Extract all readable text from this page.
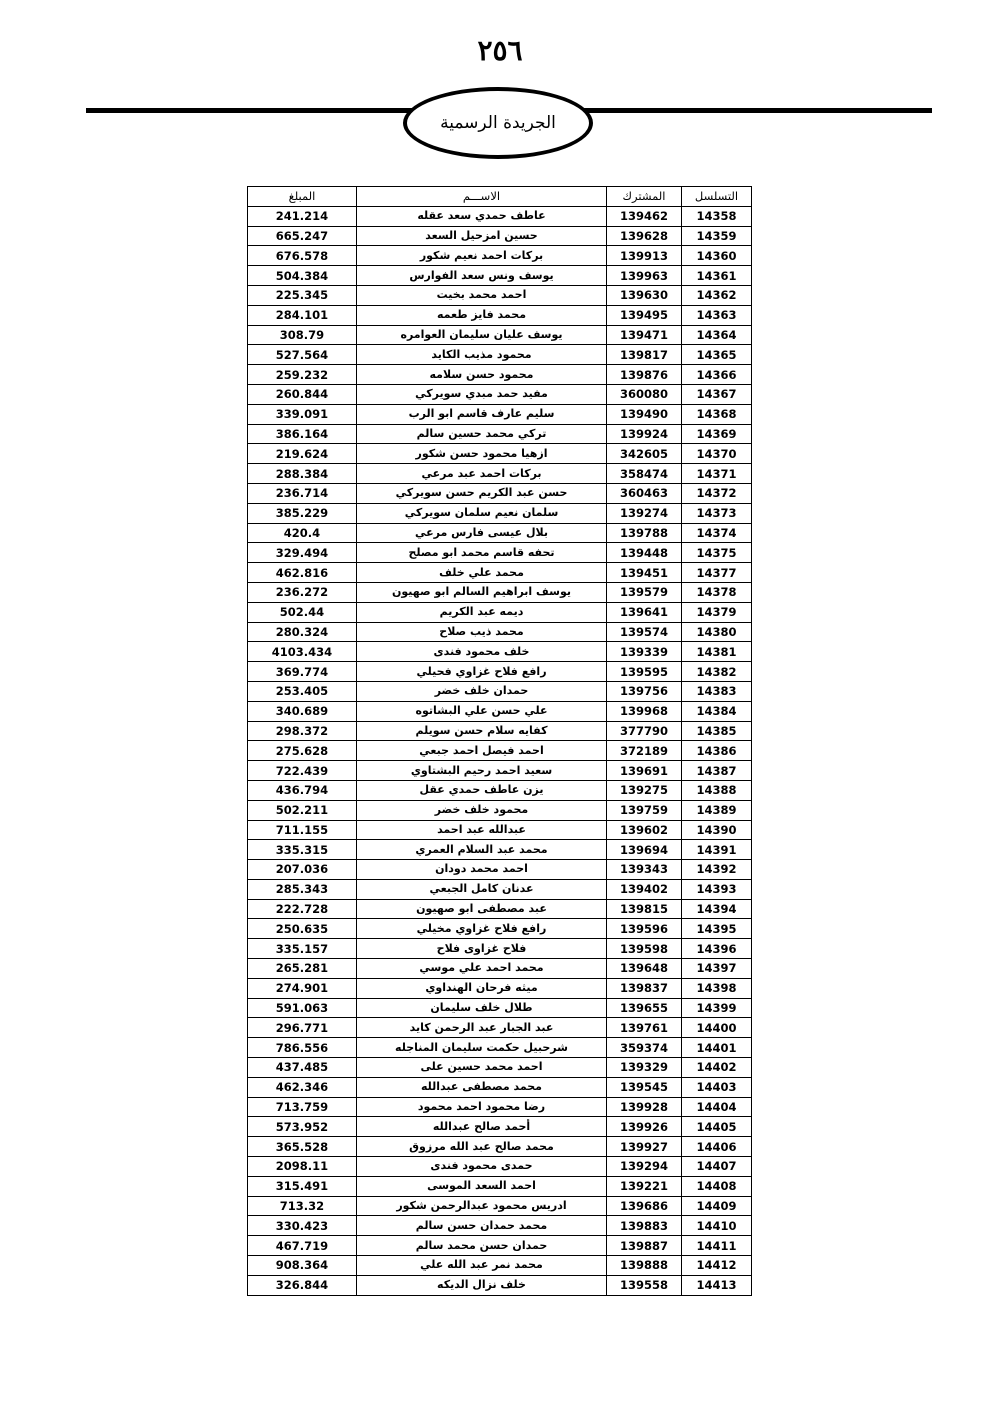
٢٥٦
الجريدة الرسمية
التسلسل	المشترك	الاســـم	المبلغ
14358	139462	عاطف حمدي سعد عقله	241.214
14359	139628	حسين امزحيل السعد	665.247
14360	139913	بركات احمد نعيم شكور	676.578
14361	139963	يوسف ونس سعد الفوارس	504.384
14362	139630	احمد محمد بخيت	225.345
14363	139495	محمد فايز طعمه	284.101
14364	139471	يوسف عليان سليمان العوامره	308.79
14365	139817	محمود مذيب الكايد	527.564
14366	139876	محمود حسن سلامه	259.232
14367	360080	مفيد حمد مبدي سويركي	260.844
14368	139490	سليم عارف قاسم ابو الرب	339.091
14369	139924	تركي محمد حسين سالم	386.164
14370	342605	ازهيا محمود حسن شكور	219.624
14371	358474	بركات احمد عبد مرعي	288.384
14372	360463	حسن عبد الكريم حسن سويركي	236.714
14373	139274	سلمان نعيم سلمان سويركي	385.229
14374	139788	بلال عيسى فارس مرعي	420.4
14375	139448	تحفه قاسم محمد ابو مصلح	329.494
14377	139451	محمد علي خلف	462.816
14378	139579	يوسف ابراهيم السالم ابو صهيون	236.272
14379	139641	ديمه عبد الكريم	502.44
14380	139574	محمد ذيب صلاح	280.324
14381	139339	خلف محمود فندى	4103.434
14382	139595	رافع فلاح غزاوي فحيلي	369.774
14383	139756	حمدان خلف خضر	253.405
14384	139968	علي حسن علي البشاتوه	340.689
14385	377790	كفايه سلام حسن سويلم	298.372
14386	372189	احمد فيصل احمد جبعي	275.628
14387	139691	سعيد احمد رحيم البشتاوي	722.439
14388	139275	يزن عاطف حمدي عقل	436.794
14389	139759	محمود خلف خضر	502.211
14390	139602	عبدالله عبد احمد	711.155
14391	139694	محمد عبد السلام العمري	335.315
14392	139343	احمد محمد دودان	207.036
14393	139402	عدنان كامل الجبعي	285.343
14394	139815	عبد مصطفى ابو صهيون	222.728
14395	139596	رافع فلاح غزاوي مخيلي	250.635
14396	139598	فلاح غزاوى فلاح	335.157
14397	139648	محمد احمد علي موسي	265.281
14398	139837	ميثه فرحان الهنداوي	274.901
14399	139655	طلال خلف سليمان	591.063
14400	139761	عبد الجبار عبد الرحمن كايد	296.771
14401	359374	شرحبيل حكمت سليمان المناجله	786.556
14402	139329	احمد محمد حسين على	437.485
14403	139545	محمد مصطفى عبدالله	462.346
14404	139928	رضا محمود احمد محمود	713.759
14405	139926	أحمد صالح عبدالله	573.952
14406	139927	محمد صالح عبد الله مرزوق	365.528
14407	139294	حمدى محمود فندى	2098.11
14408	139221	احمد السعد الموسى	315.491
14409	139686	ادريس محمود عبدالرحمن شكور	713.32
14410	139883	محمد حمدان حسن سالم	330.423
14411	139887	حمدان حسن محمد سالم	467.719
14412	139888	محمد نمر عبد الله علي	908.364
14413	139558	خلف نزال الديكه	326.844
